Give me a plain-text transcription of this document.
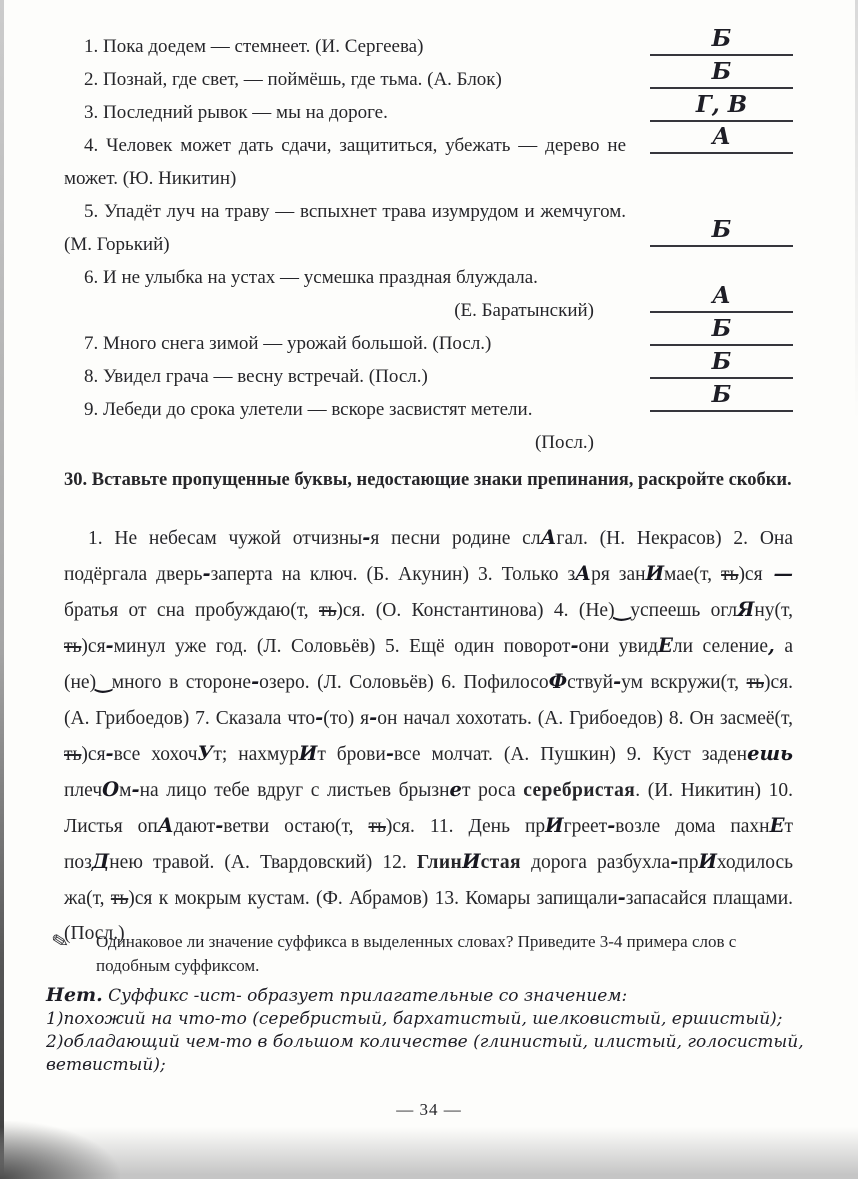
1. Пока доедем — стемнеет. (И. Сергеева)
2. Познай, где свет, — поймёшь, где тьма. (А. Блок)
3. Последний рывок — мы на дороге.
4. Человек может дать сдачи, защититься, убежать — дерево не может. (Ю. Никитин)
5. Упадёт луч на траву — вспыхнет трава изумрудом и жемчугом. (М. Горький)
6. И не улыбка на устах — усмешка праздная блуждала.
(Е. Баратынский)
7. Много снега зимой — урожай большой. (Посл.)
8. Увидел грача — весну встречай. (Посл.)
9. Лебеди до срока улетели — вскоре засвистят метели.
(Посл.)
Б
Б
Г, В
А
Б
А
Б
Б
Б
30. Вставьте пропущенные буквы, недостающие знаки препинания, раскройте скобки.
1. Не небесам чужой отчизны-я песни родине слАгал. (Н. Некрасов) 2. Она подёргала дверь-заперта на ключ. (Б. Акунин) 3. Только зАря занИмае(т, ть)ся — братья от сна пробуждаю(т, ть)ся. (О. Константинова) 4. (Не)‿успеешь оглЯну(т, ть)ся-минул уже год. (Л. Соловьёв) 5. Ещё один поворот-они увидЕли селение, а (не)‿много в стороне-озеро. (Л. Соловьёв) 6. ПофилосоФствуй-ум вскружи(т, ть)ся. (А. Грибоедов) 7. Сказала что-(то) я-он начал хохотать. (А. Грибоедов) 8. Он засмеё(т, ть)ся-все хохочУт; нахмурИт брови-все молчат. (А. Пушкин) 9. Куст заденешь плечОм-на лицо тебе вдруг с листьев брызнет роса серебристая. (И. Никитин) 10. Листья опАдают-ветви остаю(т, ть)ся. 11. День прИгреет-возле дома пахнЕт позДнею травой. (А. Твардовский) 12. ГлинИстая дорога разбухла-прИходилось жа(т, ть)ся к мокрым кустам. (Ф. Абрамов) 13. Комары запищали-запасайся плащами. (Посл.)
✎ Одинаковое ли значение суффикса в выделенных словах? Приведите 3-4 примера слов с подобным суффиксом.
Нет. Суффикс -ист- образует прилагательные со значением:
1)похожий на что-то (серебристый, бархатистый, шелковистый, ершистый);
2)обладающий чем-то в большом количестве (глинистый, илистый, голосистый, ветвистый);
— 34 —
